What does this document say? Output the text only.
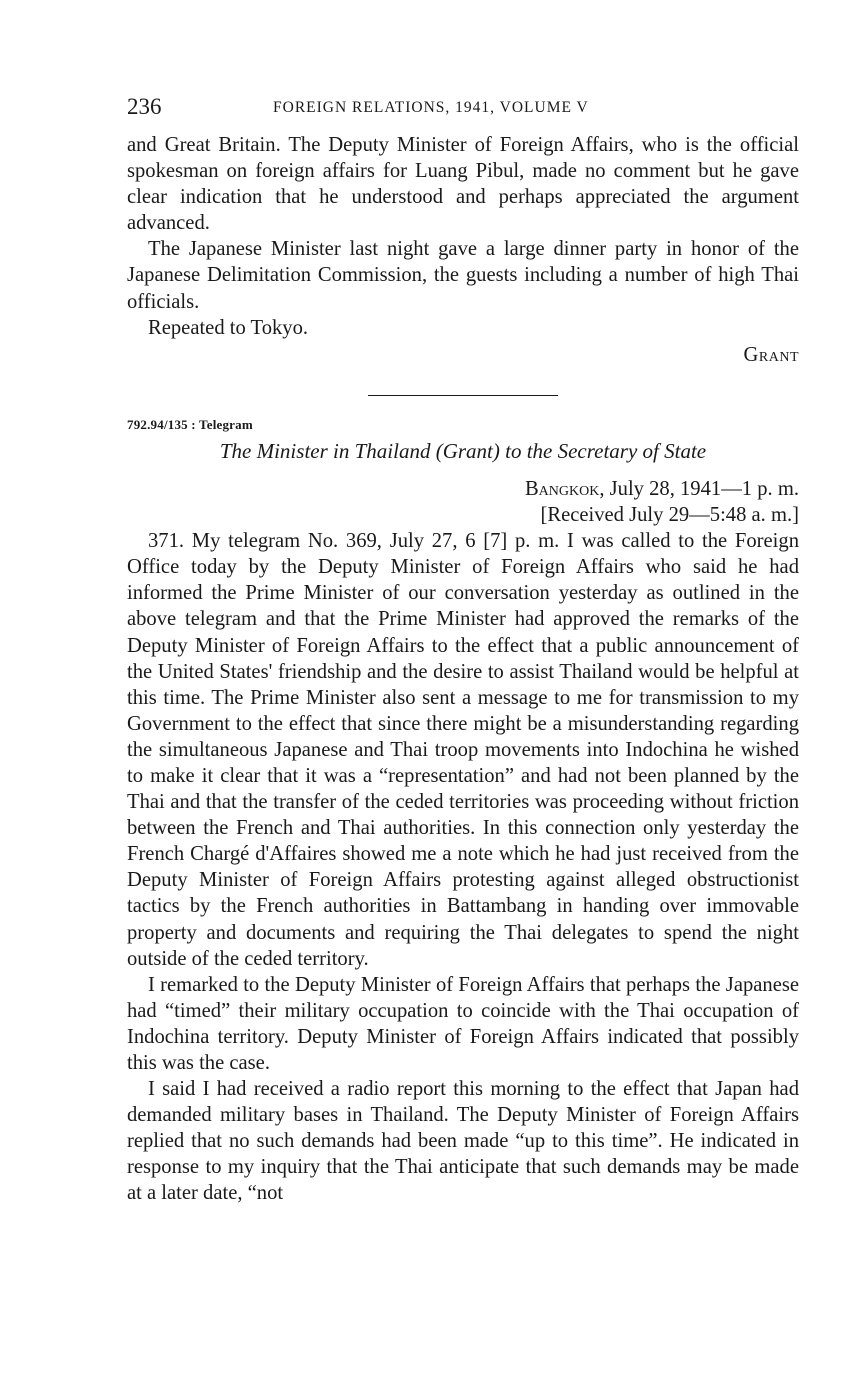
236	FOREIGN RELATIONS, 1941, VOLUME V

and Great Britain. The Deputy Minister of Foreign Affairs, who is the official spokesman on foreign affairs for Luang Pibul, made no comment but he gave clear indication that he understood and perhaps appreciated the argument advanced.

The Japanese Minister last night gave a large dinner party in honor of the Japanese Delimitation Commission, the guests including a number of high Thai officials.

Repeated to Tokyo.

Grant

792.94/135 : Telegram

The Minister in Thailand (Grant) to the Secretary of State

Bangkok, July 28, 1941—1 p. m.

[Received July 29—5:48 a. m.]

371. My telegram No. 369, July 27, 6 [7] p. m. I was called to the Foreign Office today by the Deputy Minister of Foreign Affairs who said he had informed the Prime Minister of our conversation yesterday as outlined in the above telegram and that the Prime Minister had approved the remarks of the Deputy Minister of Foreign Affairs to the effect that a public announcement of the United States' friendship and the desire to assist Thailand would be helpful at this time. The Prime Minister also sent a message to me for transmission to my Government to the effect that since there might be a misunderstanding regarding the simultaneous Japanese and Thai troop movements into Indochina he wished to make it clear that it was a “representation” and had not been planned by the Thai and that the transfer of the ceded territories was proceeding without friction between the French and Thai authorities. In this connection only yesterday the French Chargé d'Affaires showed me a note which he had just received from the Deputy Minister of Foreign Affairs protesting against alleged obstructionist tactics by the French authorities in Battambang in handing over immovable property and documents and requiring the Thai delegates to spend the night outside of the ceded territory.

I remarked to the Deputy Minister of Foreign Affairs that perhaps the Japanese had “timed” their military occupation to coincide with the Thai occupation of Indochina territory. Deputy Minister of Foreign Affairs indicated that possibly this was the case.

I said I had received a radio report this morning to the effect that Japan had demanded military bases in Thailand. The Deputy Minister of Foreign Affairs replied that no such demands had been made “up to this time”. He indicated in response to my inquiry that the Thai anticipate that such demands may be made at a later date, “not
